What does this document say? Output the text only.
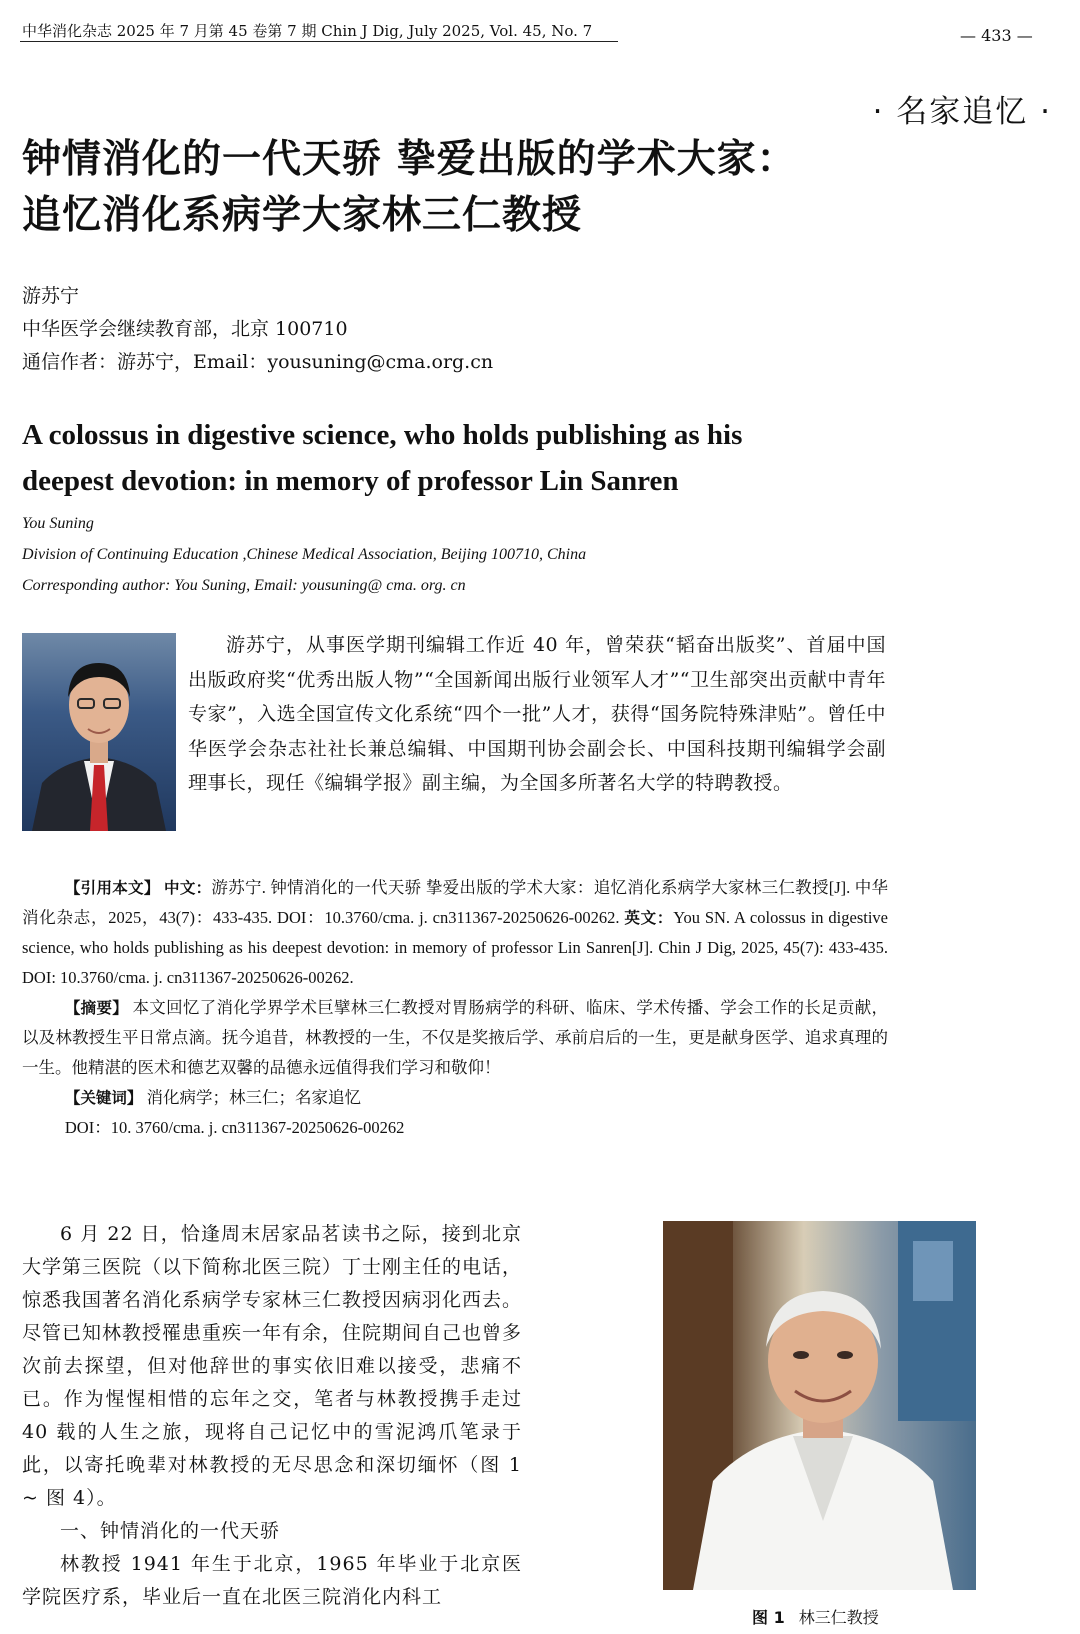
中华消化杂志 2025 年 7 月第 45 卷第 7 期 Chin J Dig, July 2025, Vol. 45, No. 7	— 433 —
· 名家追忆 ·
钟情消化的一代天骄 挚爱出版的学术大家：
追忆消化系病学大家林三仁教授
游苏宁
中华医学会继续教育部，北京 100710
通信作者：游苏宁，Email：yousuning@cma.org.cn
A colossus in digestive science, who holds publishing as his
deepest devotion: in memory of professor Lin Sanren
You Suning
Division of Continuing Education ,Chinese Medical Association, Beijing 100710, China
Corresponding author: You Suning, Email: yousuning@ cma. org. cn
游苏宁，从事医学期刊编辑工作近 40 年，曾荣获“韬奋出版奖”、首届中国出版政府奖“优秀出版人物”“全国新闻出版行业领军人才”“卫生部突出贡献中青年专家”，入选全国宣传文化系统“四个一批”人才，获得“国务院特殊津贴”。曾任中华医学会杂志社社长兼总编辑、中国期刊协会副会长、中国科技期刊编辑学会副理事长，现任《编辑学报》副主编，为全国多所著名大学的特聘教授。

【引用本文】 中文：游苏宁. 钟情消化的一代天骄 挚爱出版的学术大家：追忆消化系病学大家林三仁教授[J]. 中华消化杂志，2025，43(7)：433-435. DOI：10.3760/cma. j. cn311367-20250626-00262. 英文：You SN. A colossus in digestive science, who holds publishing as his deepest devotion: in memory of professor Lin Sanren[J]. Chin J Dig, 2025, 45(7): 433-435. DOI: 10.3760/cma. j. cn311367-20250626-00262.

【摘要】 本文回忆了消化学界学术巨擘林三仁教授对胃肠病学的科研、临床、学术传播、学会工作的长足贡献，以及林教授生平日常点滴。抚今追昔，林教授的一生，不仅是奖掖后学、承前启后的一生，更是献身医学、追求真理的一生。他精湛的医术和德艺双馨的品德永远值得我们学习和敬仰！

【关键词】 消化病学；林三仁；名家追忆

DOI：10. 3760/cma. j. cn311367-20250626-00262

6 月 22 日，恰逢周末居家品茗读书之际，接到北京大学第三医院（以下简称北医三院）丁士刚主任的电话，惊悉我国著名消化系病学专家林三仁教授因病羽化西去。尽管已知林教授罹患重疾一年有余，住院期间自己也曾多次前去探望，但对他辞世的事实依旧难以接受，悲痛不已。作为惺惺相惜的忘年之交，笔者与林教授携手走过 40 载的人生之旅，现将自己记忆中的雪泥鸿爪笔录于此，以寄托晚辈对林教授的无尽思念和深切缅怀（图 1 ~ 图 4）。

一、钟情消化的一代天骄

林教授 1941 年生于北京，1965 年毕业于北京医学院医疗系，毕业后一直在北医三院消化内科工

图 1 林三仁教授
